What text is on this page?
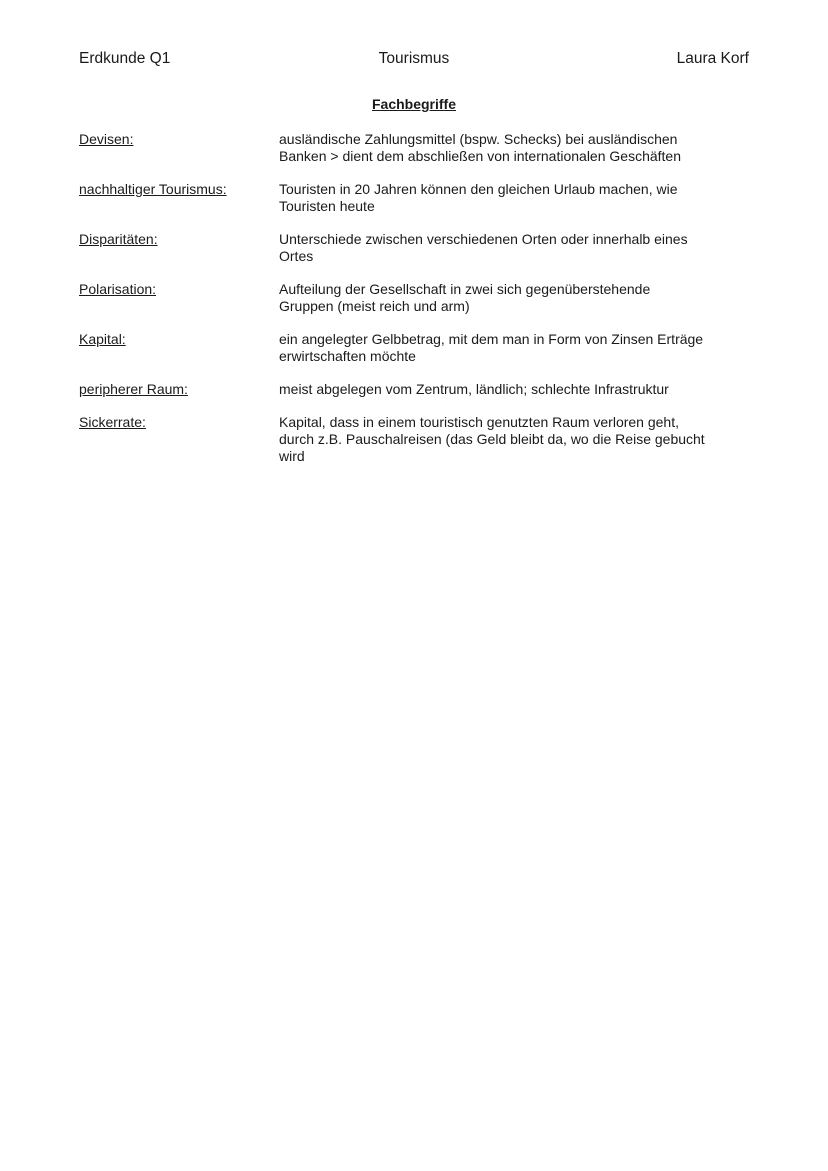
Erdkunde Q1	Tourismus	Laura Korf
Fachbegriffe
Devisen:	ausländische Zahlungsmittel (bspw. Schecks) bei ausländischen
Banken > dient dem abschließen von internationalen Geschäften
nachhaltiger Tourismus:	Touristen in 20 Jahren können den gleichen Urlaub machen, wie
Touristen heute
Disparitäten:	Unterschiede zwischen verschiedenen Orten oder innerhalb eines
Ortes
Polarisation:	Aufteilung der Gesellschaft in zwei sich gegenüberstehende
Gruppen (meist reich und arm)
Kapital:	ein angelegter Gelbbetrag, mit dem man in Form von Zinsen Erträge
erwirtschaften möchte
peripherer Raum:	meist abgelegen vom Zentrum, ländlich; schlechte Infrastruktur
Sickerrate:	Kapital, dass in einem touristisch genutzten Raum verloren geht,
durch z.B. Pauschalreisen (das Geld bleibt da, wo die Reise gebucht
wird
